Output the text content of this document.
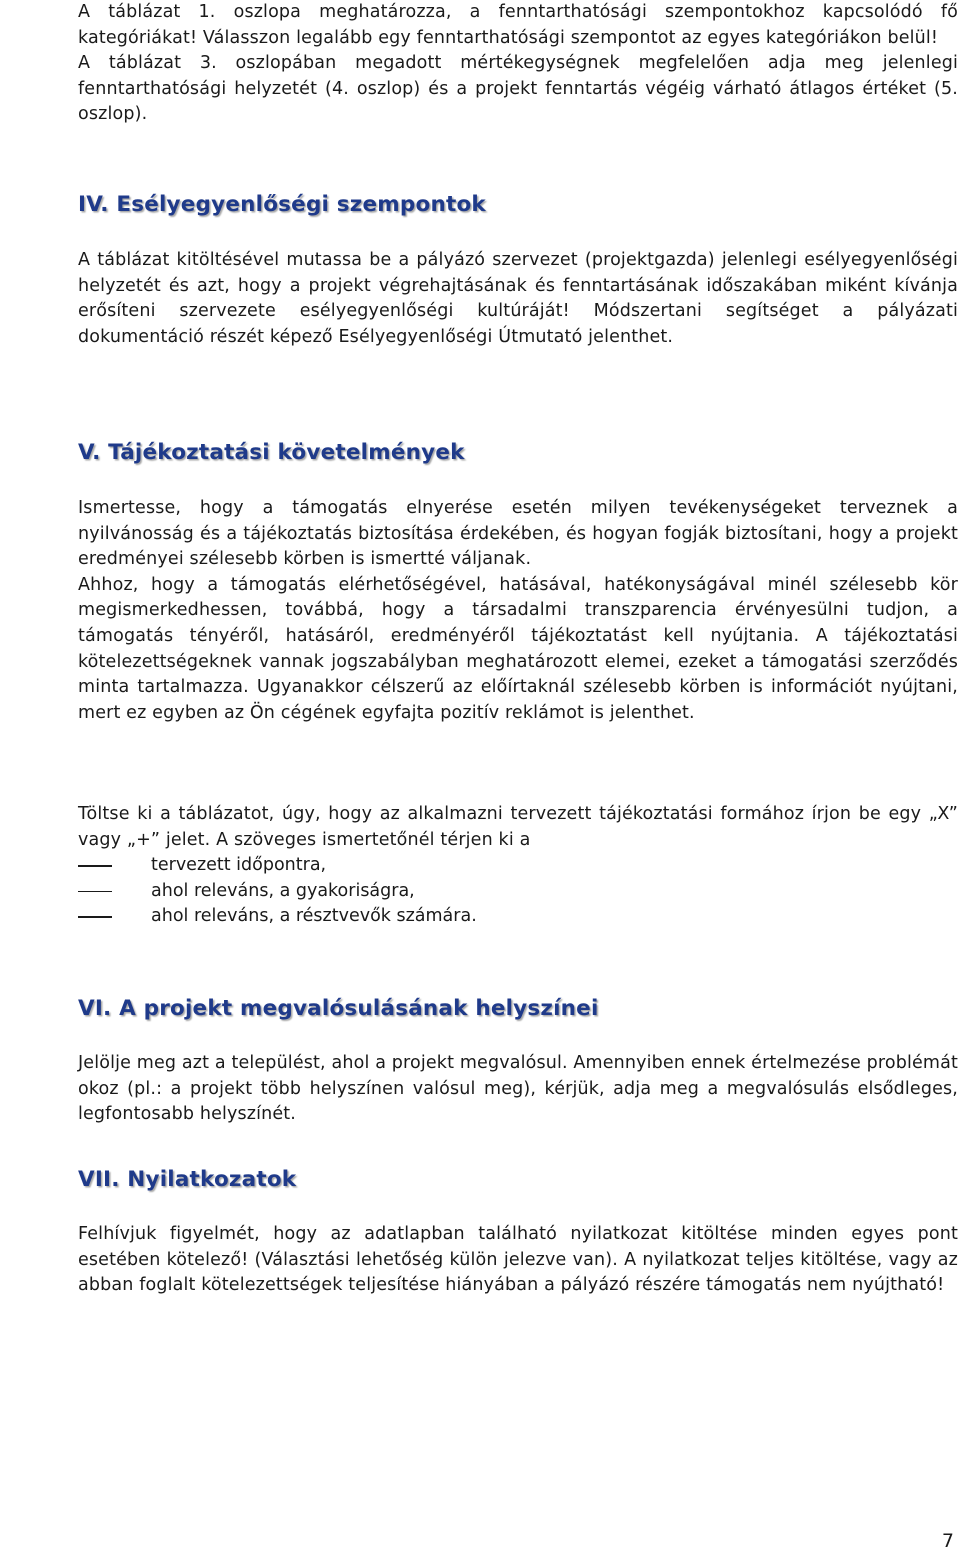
A táblázat 1. oszlopa meghatározza, a fenntarthatósági szempontokhoz kapcsolódó fő kategóriákat! Válasszon legalább egy fenntarthatósági szempontot az egyes kategóriákon belül!

A táblázat 3. oszlopában megadott mértékegységnek megfelelően adja meg jelenlegi fenntarthatósági helyzetét (4. oszlop) és a projekt fenntartás végéig várható átlagos értéket (5. oszlop).

IV. Esélyegyenlőségi szempontok

A táblázat kitöltésével mutassa be a pályázó szervezet (projektgazda) jelenlegi esélyegyenlőségi helyzetét és azt, hogy a projekt végrehajtásának és fenntartásának időszakában miként kívánja erősíteni szervezete esélyegyenlőségi kultúráját! Módszertani segítséget a pályázati dokumentáció részét képező Esélyegyenlőségi Útmutató jelenthet.

V. Tájékoztatási követelmények

Ismertesse, hogy a támogatás elnyerése esetén milyen tevékenységeket terveznek a nyilvánosság és a tájékoztatás biztosítása érdekében, és hogyan fogják biztosítani, hogy a projekt eredményei szélesebb körben is ismertté váljanak.

Ahhoz, hogy a támogatás elérhetőségével, hatásával, hatékonyságával minél szélesebb kör megismerkedhessen, továbbá, hogy a társadalmi transzparencia érvényesülni tudjon, a támogatás tényéről, hatásáról, eredményéről tájékoztatást kell nyújtania. A tájékoztatási kötelezettségeknek vannak jogszabályban meghatározott elemei, ezeket a támogatási szerződés minta tartalmazza. Ugyanakkor célszerű az előírtaknál szélesebb körben is információt nyújtani, mert ez egyben az Ön cégének egyfajta pozitív reklámot is jelenthet.

Töltse ki a táblázatot, úgy, hogy az alkalmazni tervezett tájékoztatási formához írjon be egy „X” vagy „+” jelet. A szöveges ismertetőnél térjen ki a

tervezett időpontra,
ahol releváns, a gyakoriságra,
ahol releváns, a résztvevők számára.
VI. A projekt megvalósulásának helyszínei

Jelölje meg azt a települést, ahol a projekt megvalósul. Amennyiben ennek értelmezése problémát okoz (pl.: a projekt több helyszínen valósul meg), kérjük, adja meg a megvalósulás elsődleges, legfontosabb helyszínét.

VII. Nyilatkozatok

Felhívjuk figyelmét, hogy az adatlapban található nyilatkozat kitöltése minden egyes pont esetében kötelező! (Választási lehetőség külön jelezve van). A nyilatkozat teljes kitöltése, vagy az abban foglalt kötelezettségek teljesítése hiányában a pályázó részére támogatás nem nyújtható!

7
